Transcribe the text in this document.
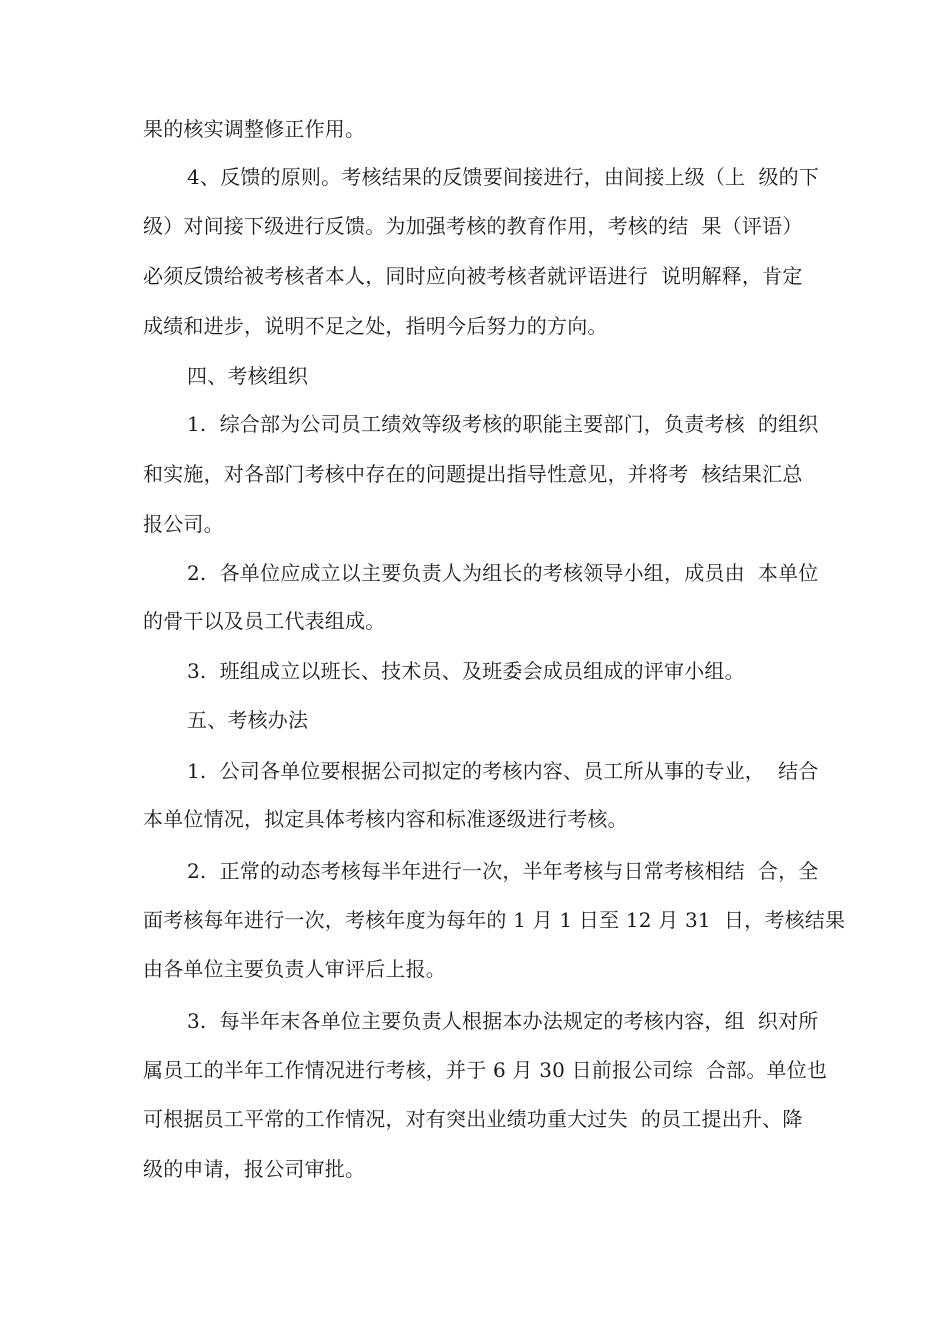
果的核实调整修正作用。
4、反馈的原则。考核结果的反馈要间接进行，由间接上级（上  级的下
级）对间接下级进行反馈。为加强考核的教育作用，考核的结  果（评语）
必须反馈给被考核者本人，同时应向被考核者就评语进行  说明解释，肯定
成绩和进步，说明不足之处，指明今后努力的方向。
四、考核组织
1.  综合部为公司员工绩效等级考核的职能主要部门，负责考核  的组织
和实施，对各部门考核中存在的问题提出指导性意见，并将考  核结果汇总
报公司。
2.  各单位应成立以主要负责人为组长的考核领导小组，成员由  本单位
的骨干以及员工代表组成。
3.  班组成立以班长、技术员、及班委会成员组成的评审小组。
五、考核办法
1.  公司各单位要根据公司拟定的考核内容、员工所从事的专业，  结合
本单位情况，拟定具体考核内容和标准逐级进行考核。
2.  正常的动态考核每半年进行一次，半年考核与日常考核相结  合，全
面考核每年进行一次，考核年度为每年的 1 月 1 日至 12 月 31  日，考核结果
由各单位主要负责人审评后上报。
3.  每半年末各单位主要负责人根据本办法规定的考核内容，组  织对所
属员工的半年工作情况进行考核，并于 6 月 30 日前报公司综  合部。单位也
可根据员工平常的工作情况，对有突出业绩功重大过失  的员工提出升、降
级的申请，报公司审批。
